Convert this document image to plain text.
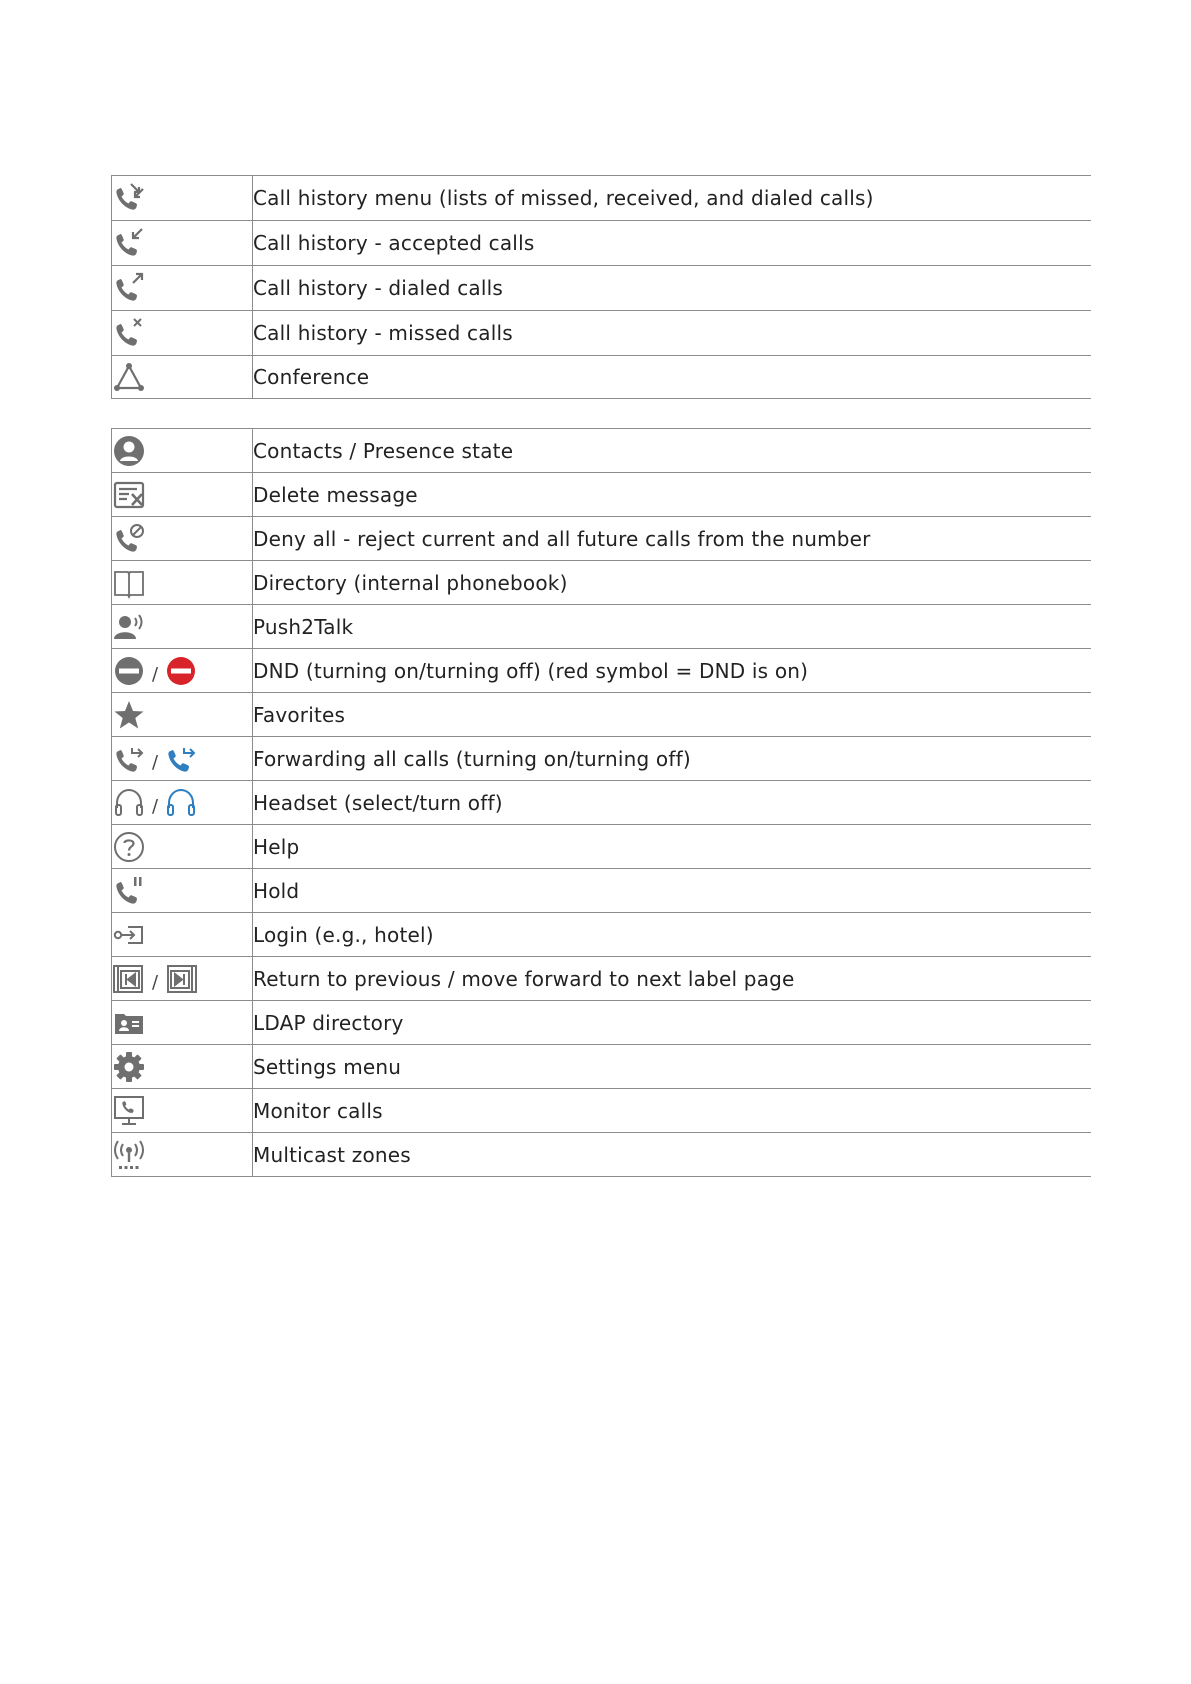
	Call history menu (lists of missed, received, and dialed calls)

	Call history - accepted calls

	Call history - dialed calls

	Call history - missed calls

	Conference
	Contacts / Presence state

	Delete message

	Deny all - reject current and all future calls from the number

	Directory (internal phonebook)

	Push2Talk

/	DND (turning on/turning off) (red symbol = DND is on)

	Favorites

/	Forwarding all calls (turning on/turning off)

/	Headset (select/turn off)

	Help

	Hold

	Login (e.g., hotel)

/	Return to previous / move forward to next label page

	LDAP directory

	Settings menu

	Monitor calls

	Multicast zones
